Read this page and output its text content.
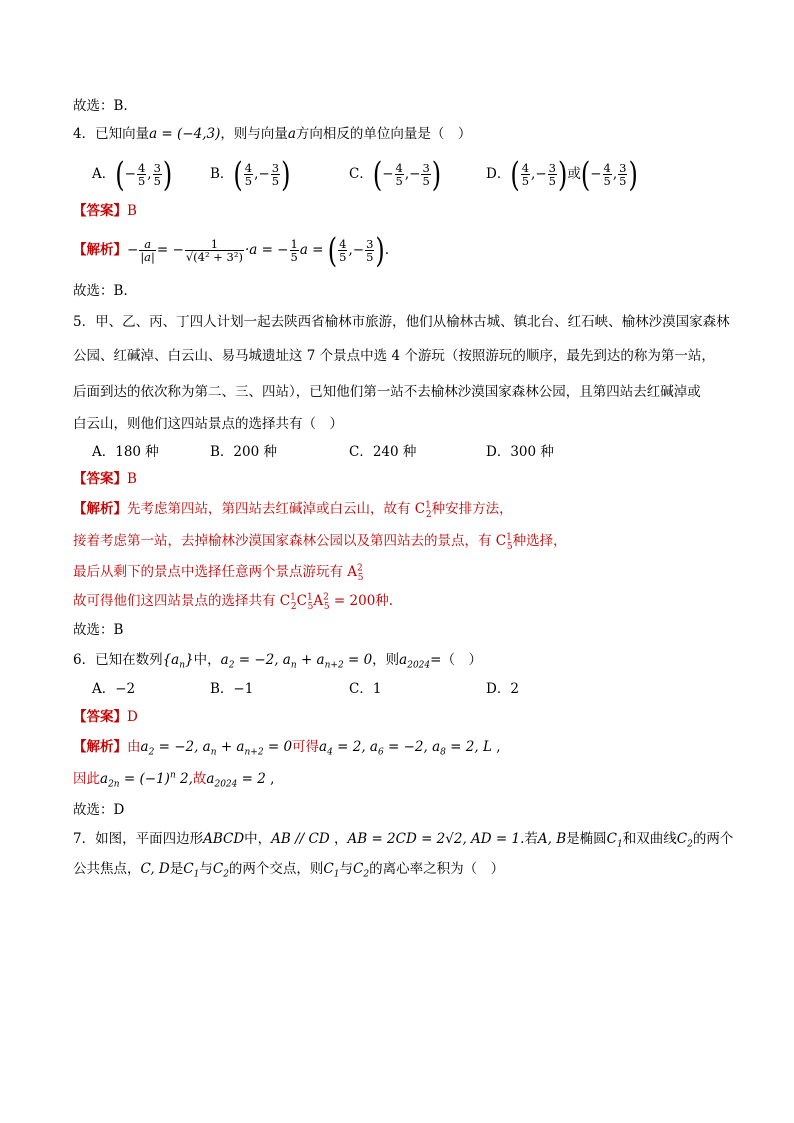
故选：B.
4．已知向量a = (−4,3)，则与向量a方向相反的单位向量是（　）
A．(− $\frac{4}{5}$ , $\frac{3}{5}$ )	B．( $\frac{4}{5}$ ,− $\frac{3}{5}$ )	C．(− $\frac{4}{5}$ ,− $\frac{3}{5}$ )	D．( $\frac{4}{5}$ ,− $\frac{3}{5}$ )或(− $\frac{4}{5}$ , $\frac{3}{5}$ )
【答案】B
【解析】− $\frac{a}{|a|}$ = − $\frac{1}{\text{√(4² + 3²)}} \cdot a$ = − $\frac{1}{5}$ a = ( $\frac{4}{5}$ ,− $\frac{3}{5}$ ).
故选：B.
5．甲、乙、丙、丁四人计划一起去陕西省榆林市旅游，他们从榆林古城、镇北台、红石峡、榆林沙漠国家森林
公园、红碱淖、白云山、易马城遗址这 7 个景点中选 4 个游玩（按照游玩的顺序，最先到达的称为第一站，
后面到达的依次称为第二、三、四站），已知他们第一站不去榆林沙漠国家森林公园，且第四站去红碱淖或
白云山，则他们这四站景点的选择共有（　）
A．180 种	B．200 种	C．240 种	D．300 种
【答案】B
【解析】先考虑第四站，第四站去红碱淖或白云山，故有 $C^1_2$种安排方法，
接着考虑第一站，去掉榆林沙漠国家森林公园以及第四站去的景点，有 $C^1_5$种选择，
最后从剩下的景点中选择任意两个景点游玩有 $A^2_5$
故可得他们这四站景点的选择共有 $C^1_2C^1_5A^2_5 = 200$种.
故选：B
6．已知在数列$\{a_n\}$中，$a_2 = -2$, $a_n + a_{n+2} = 0$，则$a_{2024}=$（　）
A．−2	B．−1	C．1	D．2
【答案】D
【解析】由$a_2 = -2$, $a_n + a_{n+2} = 0$可得$a_4 = 2$, $a_6 = -2$, $a_8 = 2$, L ,
因此$a_{2n} = (-1)^n$ 2,故$a_{2024} = 2$ ,
故选：D
7．如图，平面四边形ABCD中，AB // CD ，AB = 2CD = 2√2, AD = 1.若A, B是椭圆$C_1$和双曲线$C_2$的两个
公共焦点，C, D是$C_1$与$C_2$的两个交点，则$C_1$与$C_2$的离心率之积为（　）
